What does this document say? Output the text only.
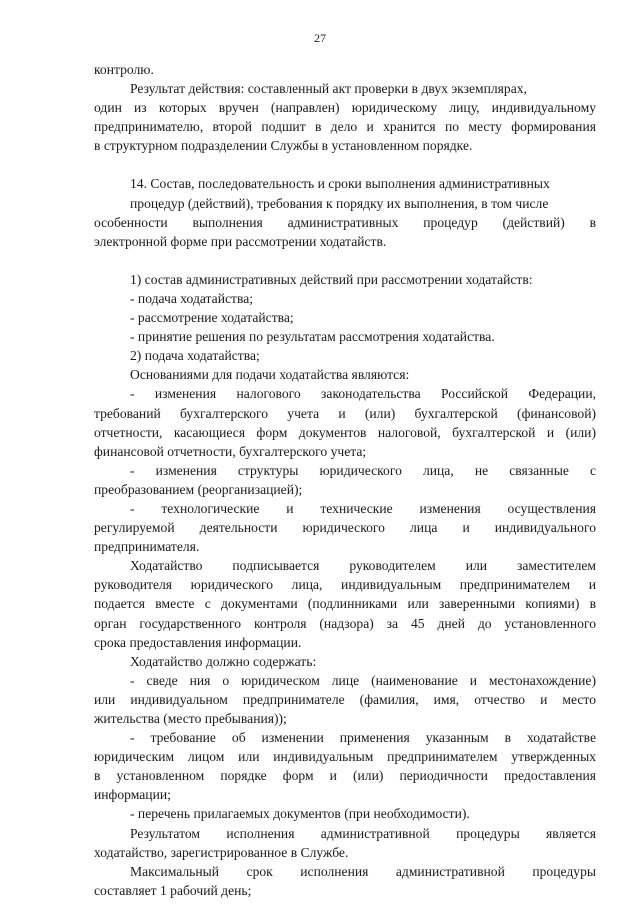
27

контролю.

Результат действия: составленный акт проверки в двух экземплярах,

один из которых вручен (направлен) юридическому лицу, индивидуальному

предпринимателю, второй подшит в дело и хранится по месту формирования

в структурном подразделении Службы в установленном порядке.

14. Состав, последовательность и сроки выполнения административных

процедур (действий), требования к порядку их выполнения, в том числе

особенности выполнения административных процедур (действий) в

электронной форме при рассмотрении ходатайств.

1) состав административных действий при рассмотрении ходатайств:

- подача ходатайства;

- рассмотрение ходатайства;

- принятие решения по результатам рассмотрения ходатайства.

2) подача ходатайства;

Основаниями для подачи ходатайства являются:

- изменения налогового законодательства Российской Федерации,

требований бухгалтерского учета и (или) бухгалтерской (финансовой)

отчетности, касающиеся форм документов налоговой, бухгалтерской и (или)

финансовой отчетности, бухгалтерского учета;

- изменения структуры юридического лица, не связанные с

преобразованием (реорганизацией);

- технологические и технические изменения осуществления

регулируемой деятельности юридического лица и индивидуального

предпринимателя.

Ходатайство подписывается руководителем или заместителем

руководителя юридического лица, индивидуальным предпринимателем и

подается вместе с документами (подлинниками или заверенными копиями) в

орган государственного контроля (надзора) за 45 дней до установленного

срока предоставления информации.

Ходатайство должно содержать:

- сведе ния о юридическом лице (наименование и местонахождение)

или индивидуальном предпринимателе (фамилия, имя, отчество и место

жительства (место пребывания));

- требование об изменении применения указанным в ходатайстве

юридическим лицом или индивидуальным предпринимателем утвержденных

в установленном порядке форм и (или) периодичности предоставления

информации;

- перечень прилагаемых документов (при необходимости).

Результатом исполнения административной процедуры является

ходатайство, зарегистрированное в Службе.

Максимальный срок исполнения административной процедуры

составляет 1 рабочий день;
